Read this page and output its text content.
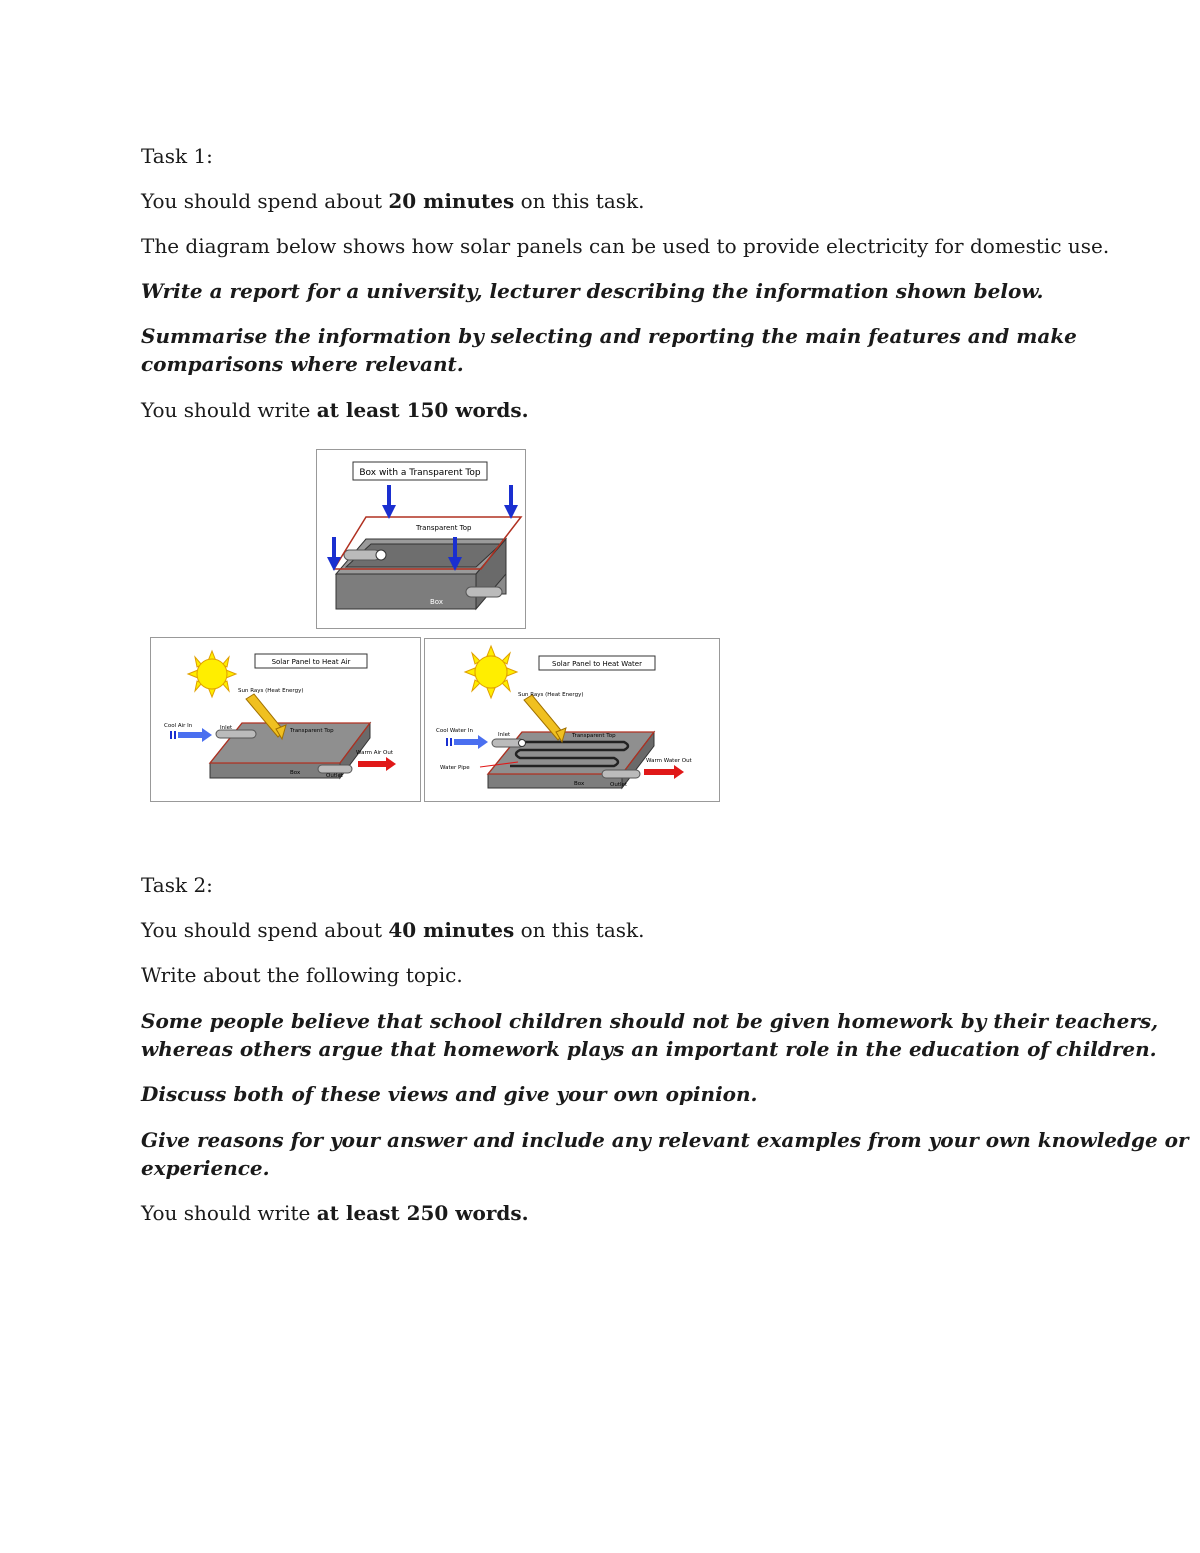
Task 1:

You should spend about 20 minutes on this task.

The diagram below shows how solar panels can be used to provide electricity for domestic use.

Write a report for a university, lecturer describing the information shown below.

Summarise the information by selecting and reporting the main features and make

comparisons where relevant.

You should write at least 150 words.

Box with a Transparent Top
Transparent Top
Box
Solar Panel to Heat Air
Sun Rays (Heat Energy)
Cool Air In	Inlet	Transparent Top
Warm Air Out
Box	Outlet
Solar Panel to Heat Water
Sun Rays (Heat Energy)
Cool Water In
Inlet	Transparent Top
Water Pipe
Warm Water Out
Box	Outlet

Task 2:

You should spend about 40 minutes on this task.

Write about the following topic.

Some people believe that school children should not be given homework by their teachers,

whereas others argue that homework plays an important role in the education of children.

Discuss both of these views and give your own opinion.

Give reasons for your answer and include any relevant examples from your own knowledge or

experience.

You should write at least 250 words.
